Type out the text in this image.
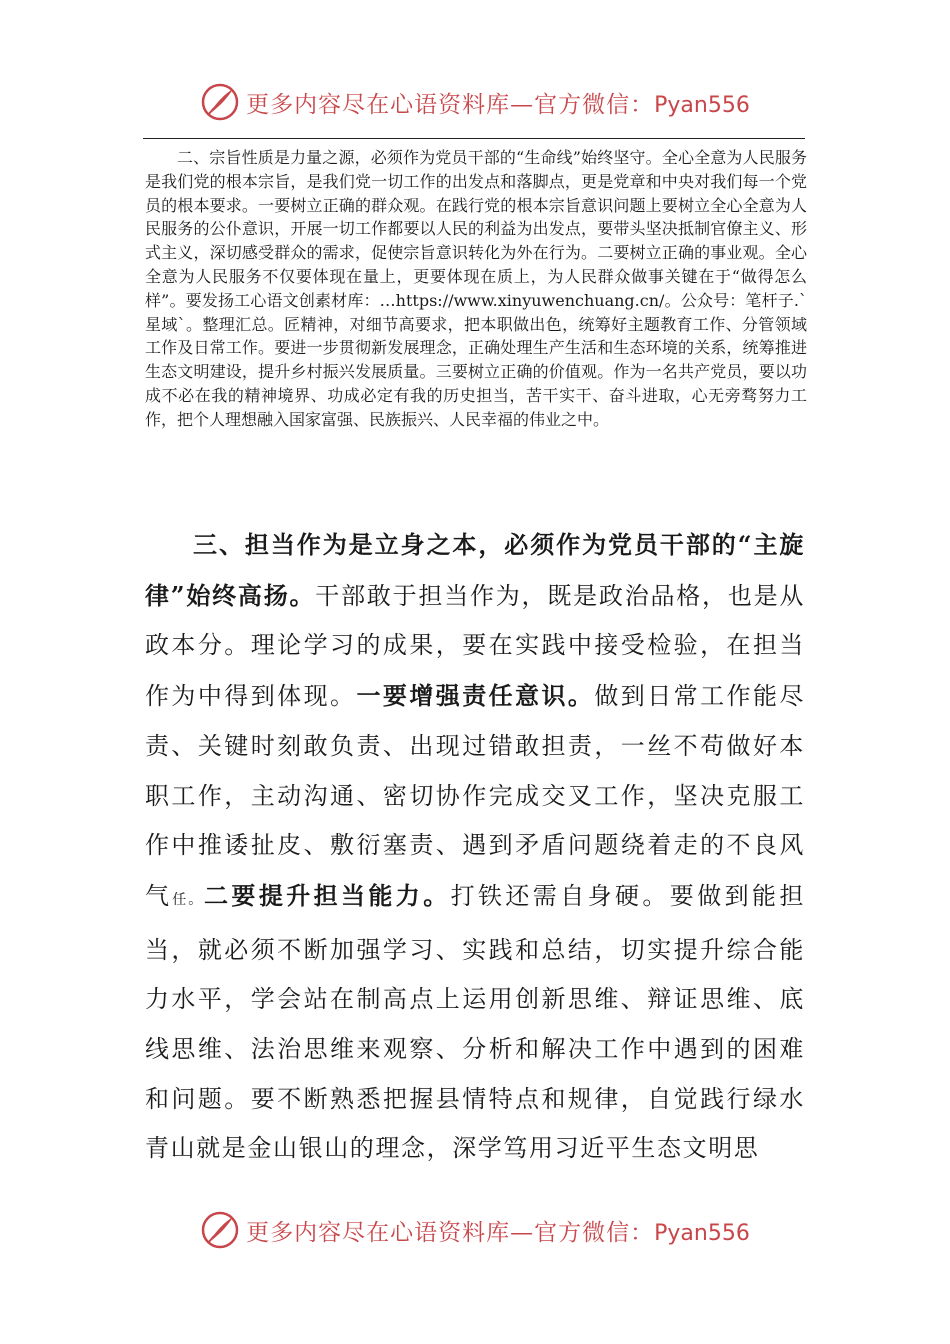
更多内容尽在心语资料库—官方微信：Pyan556

二、宗旨性质是力量之源，必须作为党员干部的“生命线”始终坚守。全心全意为人民服务是我们党的根本宗旨，是我们党一切工作的出发点和落脚点，更是党章和中央对我们每一个党员的根本要求。一要树立正确的群众观。在践行党的根本宗旨意识问题上要树立全心全意为人民服务的公仆意识，开展一切工作都要以人民的利益为出发点，要带头坚决抵制官僚主义、形式主义，深切感受群众的需求，促使宗旨意识转化为外在行为。二要树立正确的事业观。全心全意为人民服务不仅要体现在量上，更要体现在质上，为人民群众做事关键在于“做得怎么样”。要发扬工心语文创素材库：…https://www.xinyuwenchuang.cn/。公众号：笔杆子.`星域`。整理汇总。匠精神，对细节高要求，把本职做出色，统筹好主题教育工作、分管领域工作及日常工作。要进一步贯彻新发展理念，正确处理生产生活和生态环境的关系，统筹推进生态文明建设，提升乡村振兴发展质量。三要树立正确的价值观。作为一名共产党员，要以功成不必在我的精神境界、功成必定有我的历史担当，苦干实干、奋斗进取，心无旁骛努力工作，把个人理想融入国家富强、民族振兴、人民幸福的伟业之中。

三、担当作为是立身之本，必须作为党员干部的“主旋律”始终高扬。干部敢于担当作为，既是政治品格，也是从政本分。理论学习的成果，要在实践中接受检验，在担当作为中得到体现。一要增强责任意识。做到日常工作能尽责、关键时刻敢负责、出现过错敢担责，一丝不苟做好本职工作，主动沟通、密切协作完成交叉工作，坚决克服工作中推诿扯皮、敷衍塞责、遇到矛盾问题绕着走的不良风气任。二要提升担当能力。打铁还需自身硬。要做到能担当，就必须不断加强学习、实践和总结，切实提升综合能力水平，学会站在制高点上运用创新思维、辩证思维、底线思维、法治思维来观察、分析和解决工作中遇到的困难和问题。要不断熟悉把握县情特点和规律，自觉践行绿水青山就是金山银山的理念，深学笃用习近平生态文明思

更多内容尽在心语资料库—官方微信：Pyan556
